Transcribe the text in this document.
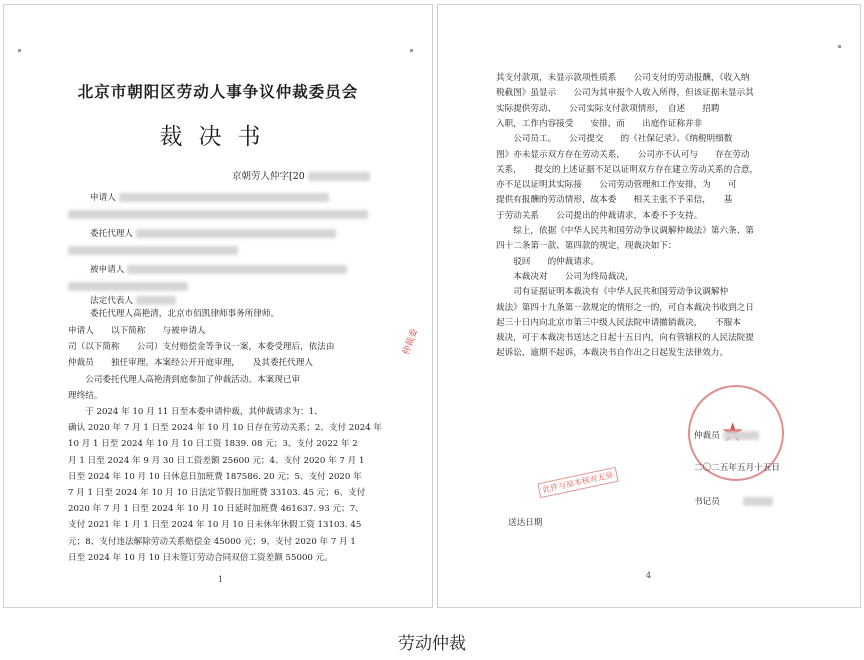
北京市朝阳区劳动人事争议仲裁委员会
裁决书
京朝劳人仲字[20
申请人
委托代理人
被申请人
法定代表人
委托代理人高艳清，北京市佰凯律师事务所律师。
申请人　　以下简称　　与被申请人
司（以下简称　　公司）支付赔偿金等争议一案，本委受理后，依法由
仲裁员　　独任审理。本案经公开开庭审理，　　及其委托代理人
　　公司委托代理人高艳清到庭参加了仲裁活动。本案现已审
理终结。
　　于 2024 年 10 月 11 日至本委申请仲裁，其仲裁请求为：1、
确认 2020 年 7 月 1 日至 2024 年 10 月 10 日存在劳动关系；2、支付 2024 年
10 月 1 日至 2024 年 10 月 10 日工资 1839. 08 元；3、支付 2022 年 2
月 1 日至 2024 年 9 月 30 日工资差额 25600 元；4、支付 2020 年 7 月 1
日至 2024 年 10 月 10 日休息日加班费 187586. 20 元；5、支付 2020 年
7 月 1 日至 2024 年 10 月 10 日法定节假日加班费 33103. 45 元；6、支付
2020 年 7 月 1 日至 2024 年 10 月 10 日延时加班费 461637. 93 元；7、
支付 2021 年 1 月 1 日至 2024 年 10 月 10 日未休年休假工资 13103. 45
元；8、支付违法解除劳动关系赔偿金 45000 元；9、支付 2020 年 7 月 1
日至 2024 年 10 月 10 日未签订劳动合同双倍工资差额 55000 元。
仲裁委
1
其支付款项，未显示款项性质系　　公司支付的劳动报酬，《收入纳
税截图》虽显示　　公司为其申报个人收入所得，但该证据未显示其
实际提供劳动、　　公司实际支付款项情形，　自述　　招聘
入职，工作内容接受　　安排，而　　出庭作证称并非
　　公司员工。　　公司提交　　的《社保记录》、《纳税明细数
图》亦未显示双方存在劳动关系，　　公司亦不认可与　　存在劳动
关系，　　提交的上述证据不足以证明双方存在建立劳动关系的合意，
亦不足以证明其实际接　　公司劳动管理和工作安排，为　　可
提供有报酬的劳动情形，故本委　　相关主张不予采信，　　基
于劳动关系　　公司提出的仲裁请求，本委不予支持。
　　综上，依据《中华人民共和国劳动争议调解仲裁法》第六条、第
四十二条第一款、第四款的规定，现裁决如下：
　　驳回　　的仲裁请求。
　　本裁决对　　公司为终局裁决，
　　司有证据证明本裁决有《中华人民共和国劳动争议调解仲
裁法》第四十九条第一款规定的情形之一的，可自本裁决书收到之日
起三十日内向北京市第三中级人民法院申请撤销裁决，　　不服本
裁决，可于本裁决书送达之日起十五日内，向有管辖权的人民法院提
起诉讼，逾期不起诉，本裁决书自作出之日起发生法律效力。
仲裁员
二〇二五年五月十五日
书记员
此件与原本核对无异
送达日期
4
劳动仲裁
